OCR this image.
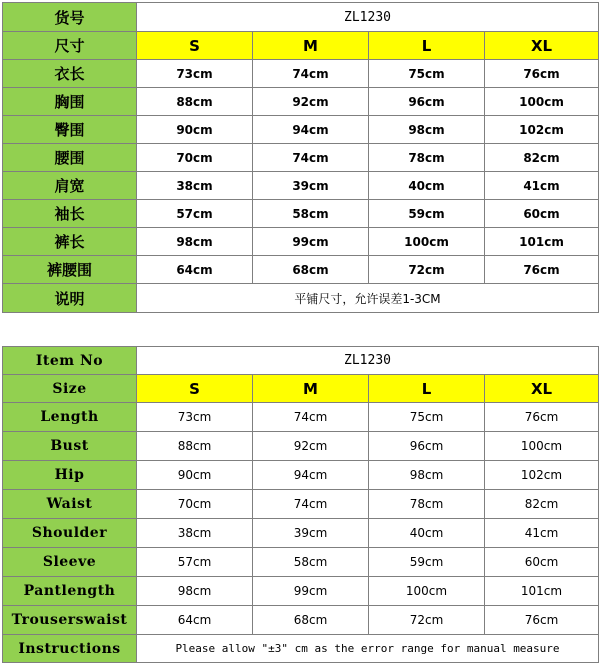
货号	ZL1230			
尺寸	S	M	L	XL
衣长	73cm	74cm	75cm	76cm
胸围	88cm	92cm	96cm	100cm
臀围	90cm	94cm	98cm	102cm
腰围	70cm	74cm	78cm	82cm
肩宽	38cm	39cm	40cm	41cm
袖长	57cm	58cm	59cm	60cm
裤长	98cm	99cm	100cm	101cm
裤腰围	64cm	68cm	72cm	76cm
说明	平铺尺寸，允许误差1-3CM			
Item No	ZL1230			
Size	S	M	L	XL
Length	73cm	74cm	75cm	76cm
Bust	88cm	92cm	96cm	100cm
Hip	90cm	94cm	98cm	102cm
Waist	70cm	74cm	78cm	82cm
Shoulder	38cm	39cm	40cm	41cm
Sleeve	57cm	58cm	59cm	60cm
Pantlength	98cm	99cm	100cm	101cm
Trouserswaist	64cm	68cm	72cm	76cm
Instructions	Please allow "±3" cm as the error range for manual measure			
